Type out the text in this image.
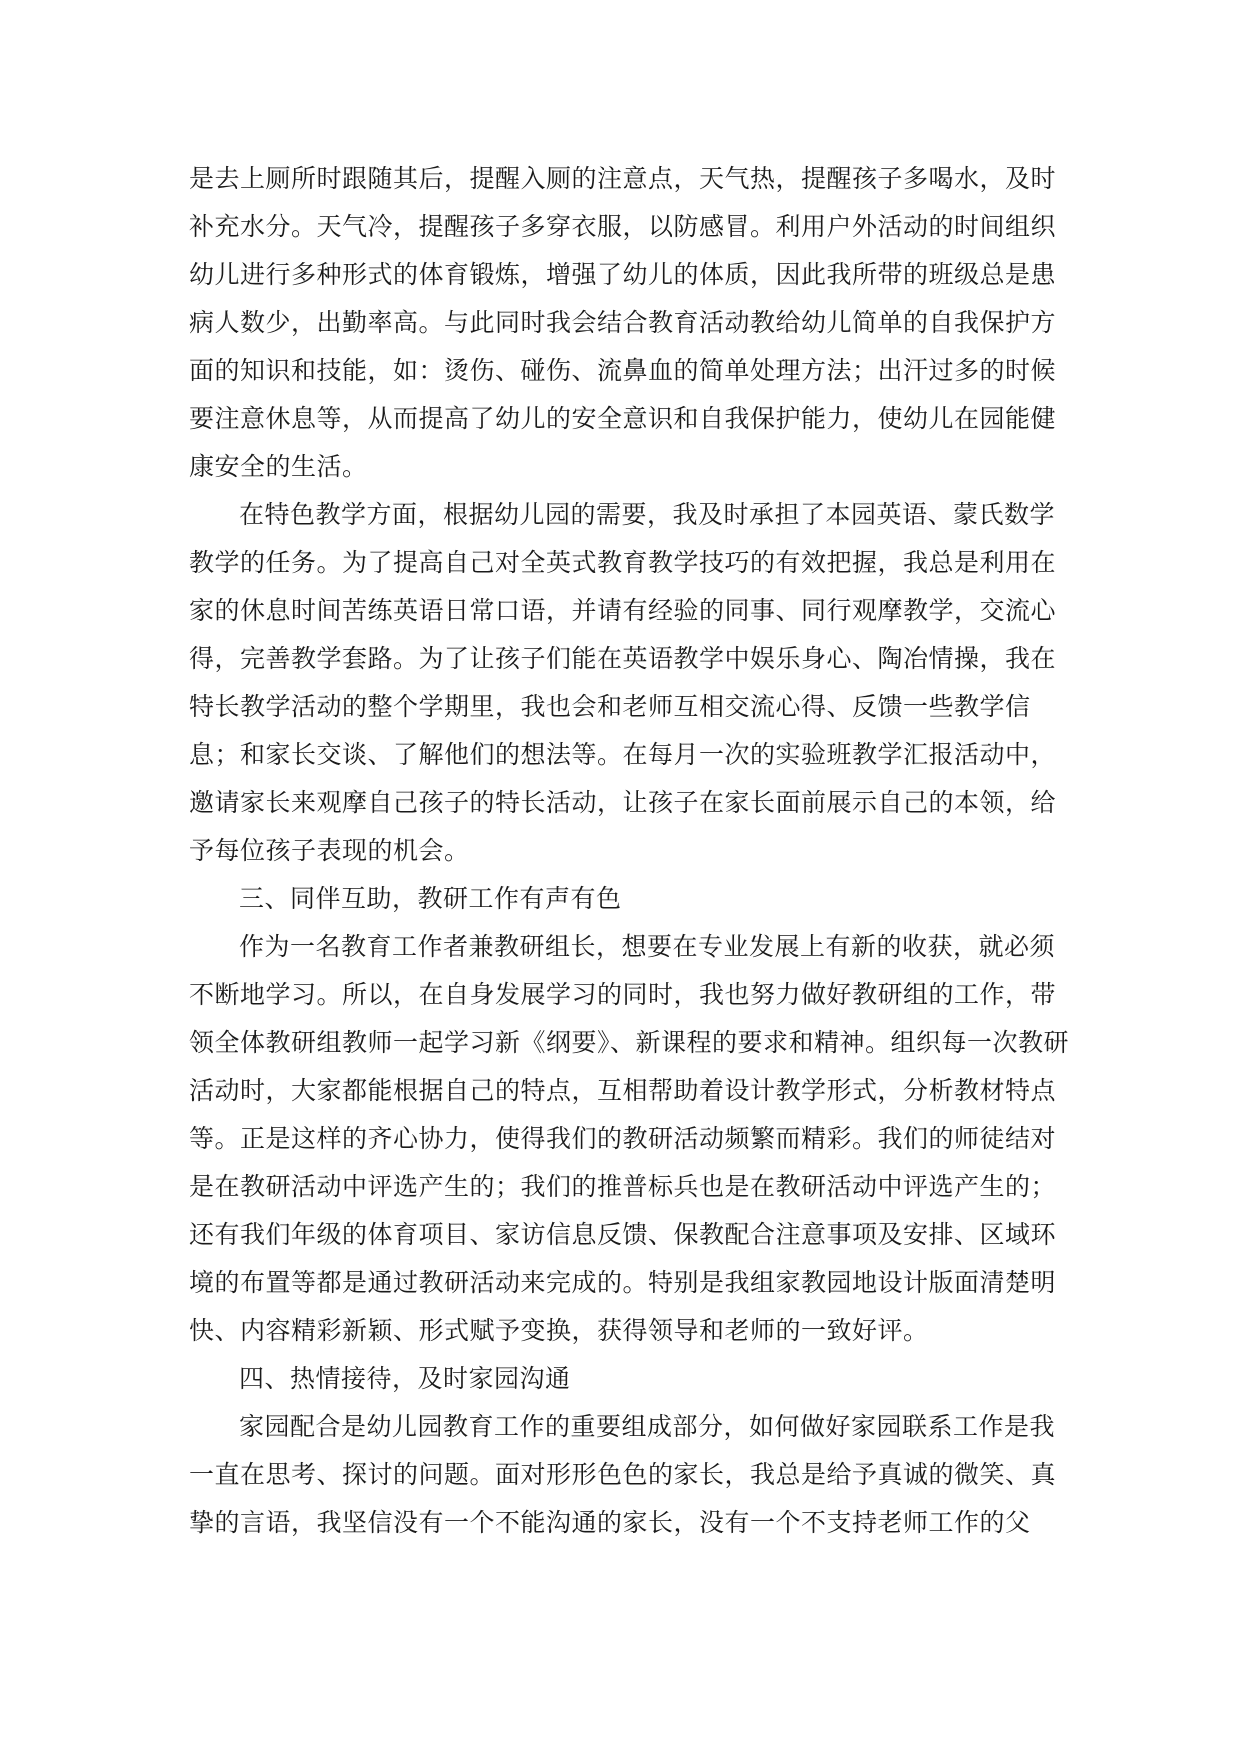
是去上厕所时跟随其后，提醒入厕的注意点，天气热，提醒孩子多喝水，及时
补充水分。天气冷，提醒孩子多穿衣服，以防感冒。利用户外活动的时间组织
幼儿进行多种形式的体育锻炼，增强了幼儿的体质，因此我所带的班级总是患
病人数少，出勤率高。与此同时我会结合教育活动教给幼儿简单的自我保护方
面的知识和技能，如：烫伤、碰伤、流鼻血的简单处理方法；出汗过多的时候
要注意休息等，从而提高了幼儿的安全意识和自我保护能力，使幼儿在园能健
康安全的生活。
在特色教学方面，根据幼儿园的需要，我及时承担了本园英语、蒙氏数学
教学的任务。为了提高自己对全英式教育教学技巧的有效把握，我总是利用在
家的休息时间苦练英语日常口语，并请有经验的同事、同行观摩教学，交流心
得，完善教学套路。为了让孩子们能在英语教学中娱乐身心、陶冶情操，我在
特长教学活动的整个学期里，我也会和老师互相交流心得、反馈一些教学信
息；和家长交谈、了解他们的想法等。在每月一次的实验班教学汇报活动中，
邀请家长来观摩自己孩子的特长活动，让孩子在家长面前展示自己的本领，给
予每位孩子表现的机会。
三、同伴互助，教研工作有声有色
作为一名教育工作者兼教研组长，想要在专业发展上有新的收获，就必须
不断地学习。所以，在自身发展学习的同时，我也努力做好教研组的工作，带
领全体教研组教师一起学习新《纲要》、新课程的要求和精神。组织每一次教研
活动时，大家都能根据自己的特点，互相帮助着设计教学形式，分析教材特点
等。正是这样的齐心协力，使得我们的教研活动频繁而精彩。我们的师徒结对
是在教研活动中评选产生的；我们的推普标兵也是在教研活动中评选产生的；
还有我们年级的体育项目、家访信息反馈、保教配合注意事项及安排、区域环
境的布置等都是通过教研活动来完成的。特别是我组家教园地设计版面清楚明
快、内容精彩新颖、形式赋予变换，获得领导和老师的一致好评。
四、热情接待，及时家园沟通
家园配合是幼儿园教育工作的重要组成部分，如何做好家园联系工作是我
一直在思考、探讨的问题。面对形形色色的家长，我总是给予真诚的微笑、真
挚的言语，我坚信没有一个不能沟通的家长，没有一个不支持老师工作的父
